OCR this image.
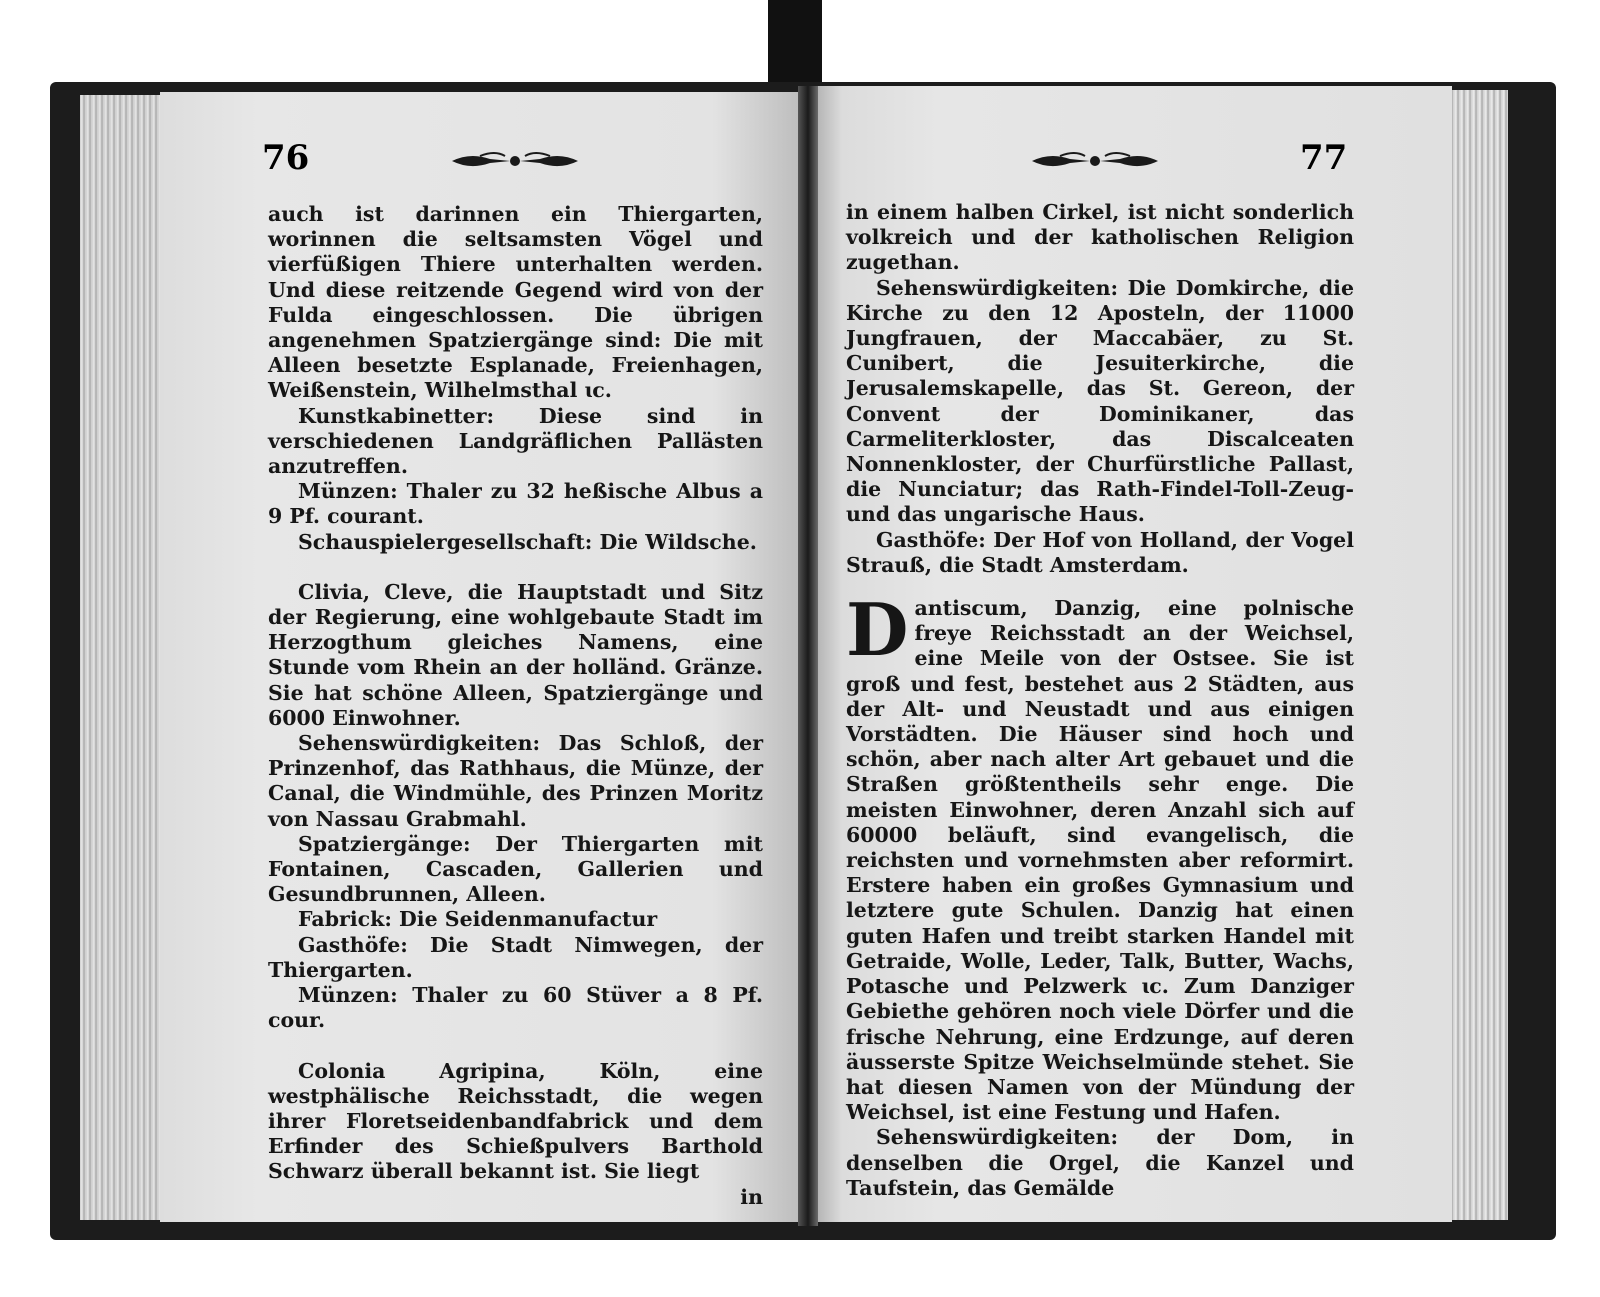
76	77

auch ist darinnen ein Thiergarten, worinnen die seltsamsten Vögel und vierfüßigen Thiere unterhalten werden. Und diese reitzende Gegend wird von der Fulda eingeschlossen. Die übrigen angenehmen Spatziergänge sind: Die mit Alleen besetzte Esplanade, Freienhagen, Weißenstein, Wilhelmsthal ɩc.

Kunstkabinetter: Diese sind in verschiedenen Landgräflichen Pallästen anzutreffen.

Münzen: Thaler zu 32 heßische Albus a 9 Pf. courant.

Schauspielergesellschaft: Die Wildsche.

Clivia, Cleve, die Hauptstadt und Sitz der Regierung, eine wohlgebaute Stadt im Herzogthum gleiches Namens, eine Stunde vom Rhein an der holländ. Gränze. Sie hat schöne Alleen, Spatziergänge und 6000 Einwohner.

Sehenswürdigkeiten: Das Schloß, der Prinzenhof, das Rathhaus, die Münze, der Canal, die Windmühle, des Prinzen Moritz von Nassau Grabmahl.

Spatziergänge: Der Thiergarten mit Fontainen, Cascaden, Gallerien und Gesundbrunnen, Alleen.

Fabrick: Die Seidenmanufactur

Gasthöfe: Die Stadt Nimwegen, der Thiergarten.

Münzen: Thaler zu 60 Stüver a 8 Pf. cour.

Colonia Agripina, Köln, eine westphälische Reichsstadt, die wegen ihrer Floretseidenbandfabrick und dem Erfinder des Schießpulvers Barthold Schwarz überall bekannt ist. Sie liegt

in

in einem halben Cirkel, ist nicht sonderlich volkreich und der katholischen Religion zugethan.

Sehenswürdigkeiten: Die Domkirche, die Kirche zu den 12 Aposteln, der 11000 Jungfrauen, der Maccabäer, zu St. Cunibert, die Jesuiterkirche, die Jerusalemskapelle, das St. Gereon, der Convent der Dominikaner, das Carmeliterkloster, das Discalceaten Nonnenkloster, der Churfürstliche Pallast, die Nunciatur; das Rath-Findel-Toll-Zeug- und das ungarische Haus.

Gasthöfe: Der Hof von Holland, der Vogel Strauß, die Stadt Amsterdam.

Dantiscum, Danzig, eine polnische freye Reichsstadt an der Weichsel, eine Meile von der Ostsee. Sie ist groß und fest, bestehet aus 2 Städten, aus der Alt- und Neustadt und aus einigen Vorstädten. Die Häuser sind hoch und schön, aber nach alter Art gebauet und die Straßen größtentheils sehr enge. Die meisten Einwohner, deren Anzahl sich auf 60000 beläuft, sind evangelisch, die reichsten und vornehmsten aber reformirt. Erstere haben ein großes Gymnasium und letztere gute Schulen. Danzig hat einen guten Hafen und treibt starken Handel mit Getraide, Wolle, Leder, Talk, Butter, Wachs, Potasche und Pelzwerk ɩc. Zum Danziger Gebiethe gehören noch viele Dörfer und die frische Nehrung, eine Erdzunge, auf deren äusserste Spitze Weichselmünde stehet. Sie hat diesen Namen von der Mündung der Weichsel, ist eine Festung und Hafen.

Sehenswürdigkeiten: der Dom, in denselben die Orgel, die Kanzel und Taufstein, das Gemälde
